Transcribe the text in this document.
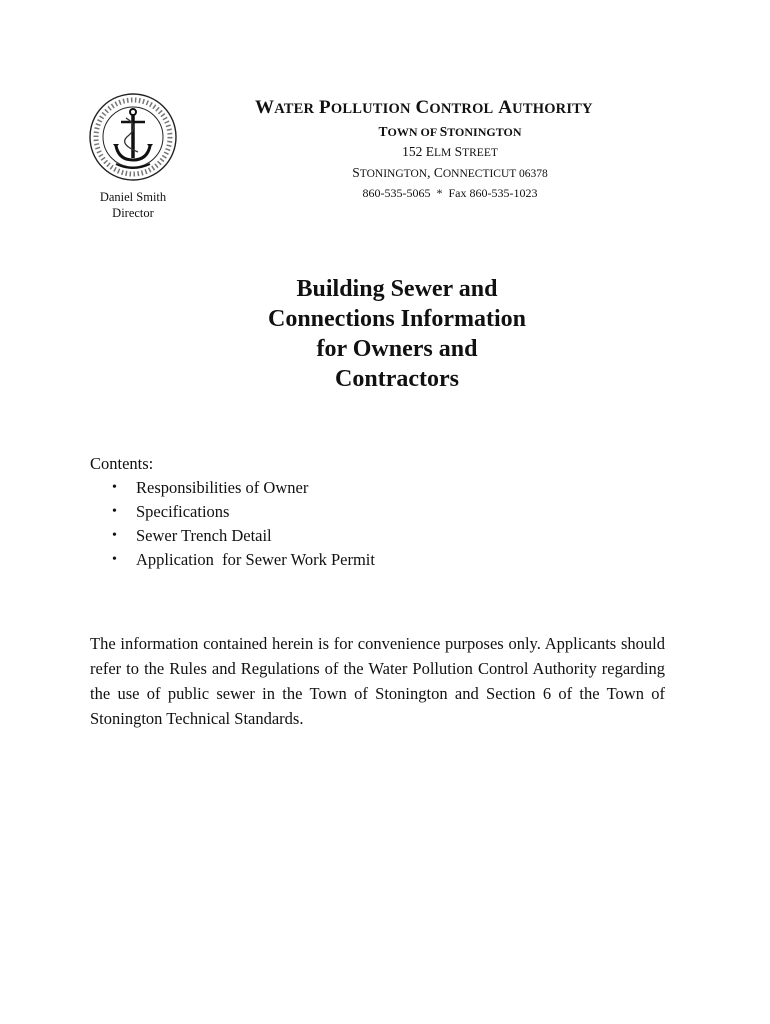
WATER POLLUTION CONTROL AUTHORITY
TOWN OF STONINGTON
152 ELM STREET
STONINGTON, CONNECTICUT 06378
860-535-5065  *  Fax 860-535-1023
Daniel Smith
Director
Building Sewer and
Connections Information
for Owners and
Contractors
Contents:
•	Responsibilities of Owner
•	Specifications
•	Sewer Trench Detail
•	Application  for Sewer Work Permit
The information contained herein is for convenience purposes only. Applicants should refer to the Rules and Regulations of the Water Pollution Control Authority regarding the use of public sewer in the Town of Stonington and Section 6 of the Town of Stonington Technical Standards.
